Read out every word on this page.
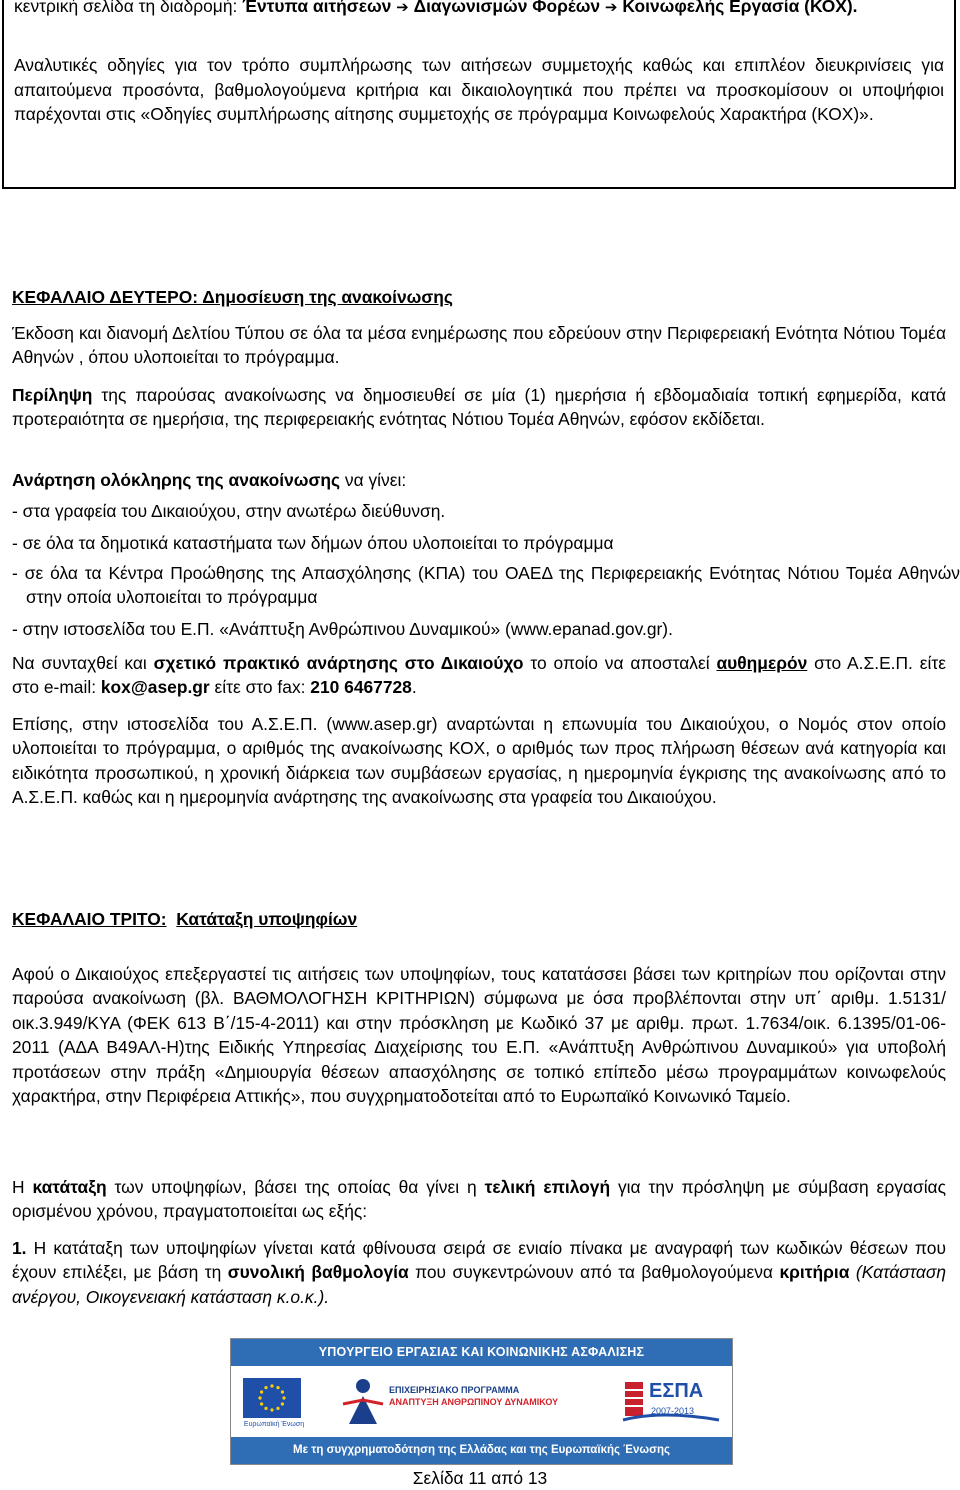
κεντρική σελίδα τη διαδρομή: Έντυπα αιτήσεων ➔ Διαγωνισμών Φορέων ➔ Κοινωφελής Εργασία (ΚΟΧ).

Αναλυτικές οδηγίες για τον τρόπο συμπλήρωσης των αιτήσεων συμμετοχής καθώς και επιπλέον διευκρινίσεις για απαιτούμενα προσόντα, βαθμολογούμενα κριτήρια και δικαιολογητικά που πρέπει να προσκομίσουν οι υποψήφιοι παρέχονται στις «Οδηγίες συμπλήρωσης αίτησης συμμετοχής σε πρόγραμμα Κοινωφελούς Χαρακτήρα (ΚΟΧ)».

ΚΕΦΑΛΑΙΟ ΔΕΥΤΕΡΟ: Δημοσίευση της ανακοίνωσης

Έκδοση και διανομή Δελτίου Τύπου σε όλα τα μέσα ενημέρωσης που εδρεύουν στην Περιφερειακή Ενότητα Νότιου Τομέα Αθηνών , όπου υλοποιείται το πρόγραμμα.

Περίληψη της παρούσας ανακοίνωσης να δημοσιευθεί σε μία (1) ημερήσια ή εβδομαδιαία τοπική εφημερίδα, κατά προτεραιότητα σε ημερήσια, της περιφερειακής ενότητας Νότιου Τομέα Αθηνών, εφόσον εκδίδεται.

Ανάρτηση ολόκληρης της ανακοίνωσης να γίνει:

- στα γραφεία του Δικαιούχου, στην ανωτέρω διεύθυνση.
- σε όλα τα δημοτικά καταστήματα των δήμων όπου υλοποιείται το πρόγραμμα
- σε όλα τα Κέντρα Προώθησης της Απασχόλησης (ΚΠΑ) του ΟΑΕΔ της Περιφερειακής Ενότητας Νότιου Τομέα Αθηνών στην οποία υλοποιείται το πρόγραμμα
- στην ιστοσελίδα του Ε.Π. «Ανάπτυξη Ανθρώπινου Δυναμικού» (www.epanad.gov.gr).

Να συνταχθεί και σχετικό πρακτικό ανάρτησης στο Δικαιούχο το οποίο να αποσταλεί αυθημερόν στο Α.Σ.Ε.Π. είτε στο e-mail: kox@asep.gr είτε στο fax: 210 6467728.

Επίσης, στην ιστοσελίδα του Α.Σ.Ε.Π. (www.asep.gr) αναρτώνται η επωνυμία του Δικαιούχου, ο Νομός στον οποίο υλοποιείται το πρόγραμμα, ο αριθμός της ανακοίνωσης ΚΟΧ, ο αριθμός των προς πλήρωση θέσεων ανά κατηγορία και ειδικότητα προσωπικού, η χρονική διάρκεια των συμβάσεων εργασίας, η ημερομηνία έγκρισης της ανακοίνωσης από το Α.Σ.Ε.Π. καθώς και η ημερομηνία ανάρτησης της ανακοίνωσης στα γραφεία του Δικαιούχου.

ΚΕΦΑΛΑΙΟ ΤΡΙΤΟ: Κατάταξη υποψηφίων

Αφού ο Δικαιούχος επεξεργαστεί τις αιτήσεις των υποψηφίων, τους κατατάσσει βάσει των κριτηρίων που ορίζονται στην παρούσα ανακοίνωση (βλ. ΒΑΘΜΟΛΟΓΗΣΗ ΚΡΙΤΗΡΙΩΝ) σύμφωνα με όσα προβλέπονται στην υπ΄ αριθμ. 1.5131/οικ.3.949/ΚΥΑ (ΦΕΚ 613 Β΄/15-4-2011) και στην πρόσκληση με Κωδικό 37 με αριθμ. πρωτ. 1.7634/οικ. 6.1395/01-06-2011 (ΑΔΑ Β49ΑΛ-Η)της Ειδικής Υπηρεσίας Διαχείρισης του Ε.Π. «Ανάπτυξη Ανθρώπινου Δυναμικού» για υποβολή προτάσεων στην πράξη «Δημιουργία θέσεων απασχόλησης σε τοπικό επίπεδο μέσω προγραμμάτων κοινωφελούς χαρακτήρα, στην Περιφέρεια Αττικής», που συγχρηματοδοτείται από το Ευρωπαϊκό Κοινωνικό Ταμείο.

Η κατάταξη των υποψηφίων, βάσει της οποίας θα γίνει η τελική επιλογή για την πρόσληψη με σύμβαση εργασίας ορισμένου χρόνου, πραγματοποιείται ως εξής:

1. Η κατάταξη των υποψηφίων γίνεται κατά φθίνουσα σειρά σε ενιαίο πίνακα με αναγραφή των κωδικών θέσεων που έχουν επιλέξει, με βάση τη συνολική βαθμολογία που συγκεντρώνουν από τα βαθμολογούμενα κριτήρια (Κατάσταση ανέργου, Οικογενειακή κατάσταση κ.ο.κ.).

ΥΠΟΥΡΓΕΙΟ ΕΡΓΑΣΙΑΣ ΚΑΙ ΚΟΙΝΩΝΙΚΗΣ ΑΣΦΑΛΙΣΗΣ
Ευρωπαϊκή Ένωση
ΕΠΙΧΕΙΡΗΣΙΑΚΟ ΠΡΟΓΡΑΜΜΑ
ΑΝΑΠΤΥΞΗ ΑΝΘΡΩΠΙΝΟΥ ΔΥΝΑΜΙΚΟΥ	ΕΣΠΑ
2007-2013
Με τη συγχρηματοδότηση της Ελλάδας και της Ευρωπαϊκής Ένωσης
Σελίδα 11 από 13
